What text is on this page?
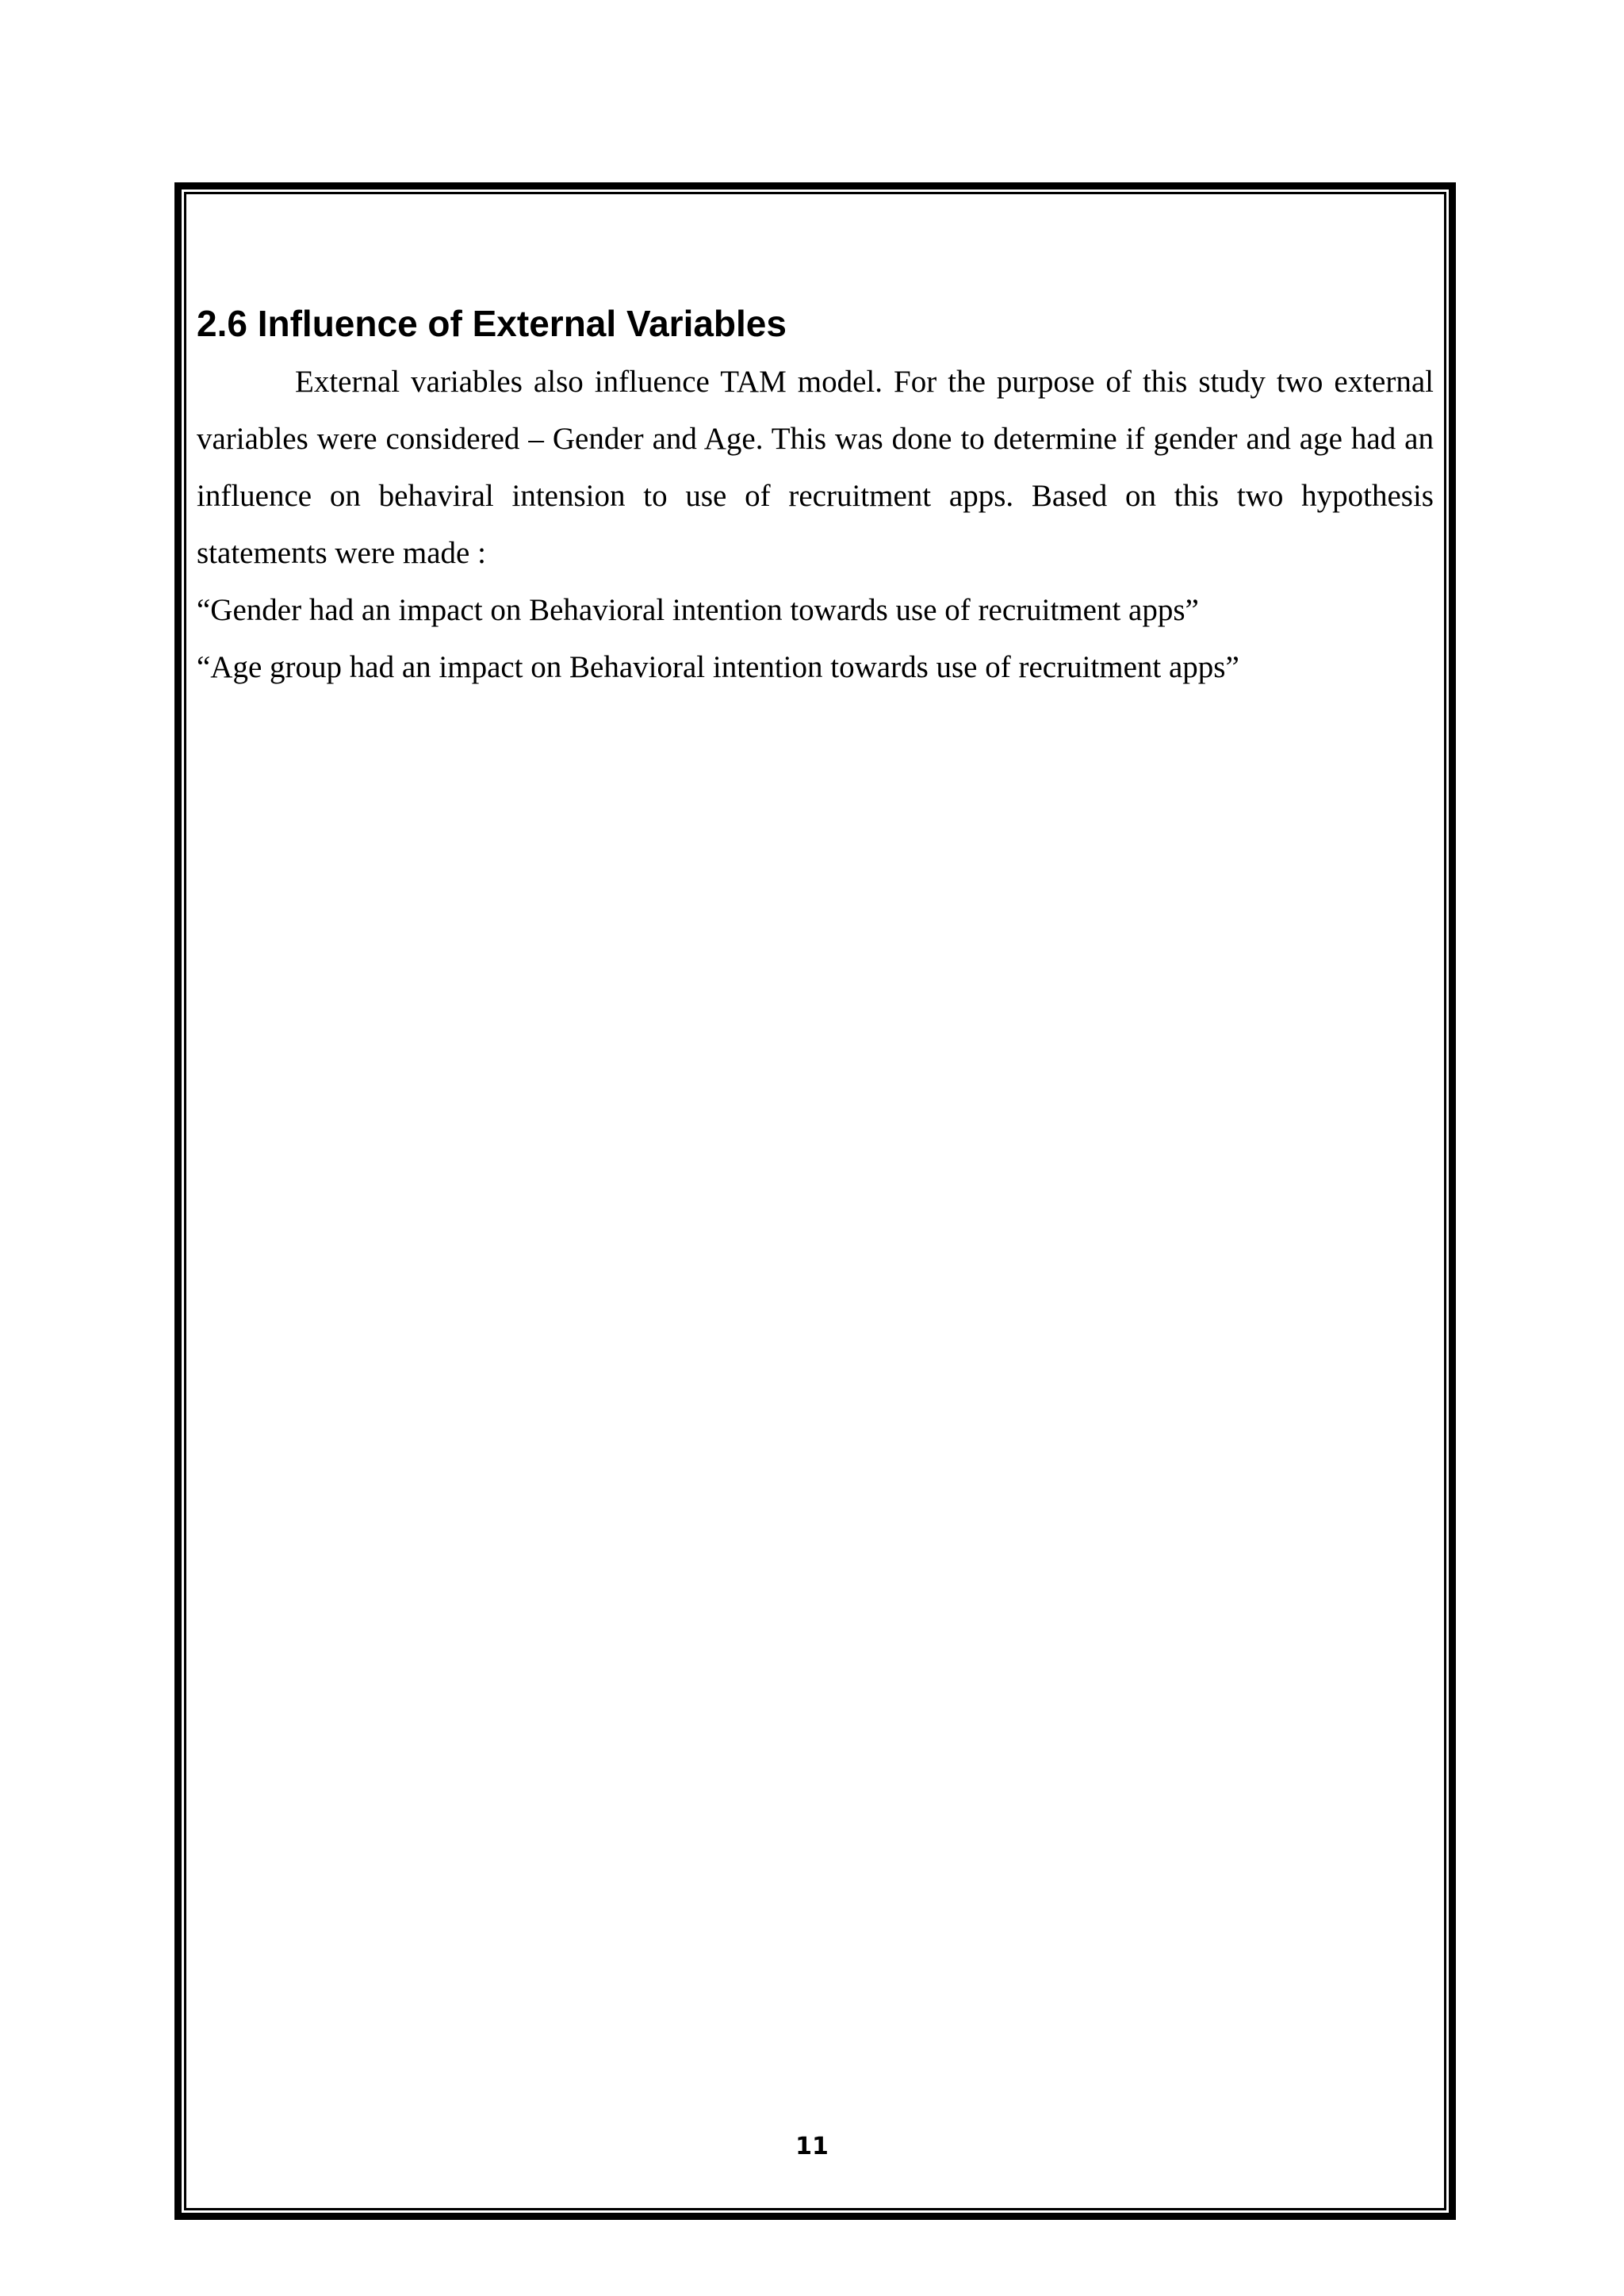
2.6 Influence of External Variables

External variables also influence TAM model. For the purpose of this study two external variables were considered – Gender and Age. This was done to determine if gender and age had an influence on behaviral intension to use of recruitment apps. Based on this two hypothesis statements were made :

“Gender had an impact on Behavioral intention towards use of recruitment apps”

“Age group had an impact on Behavioral intention towards use of recruitment apps”

11
